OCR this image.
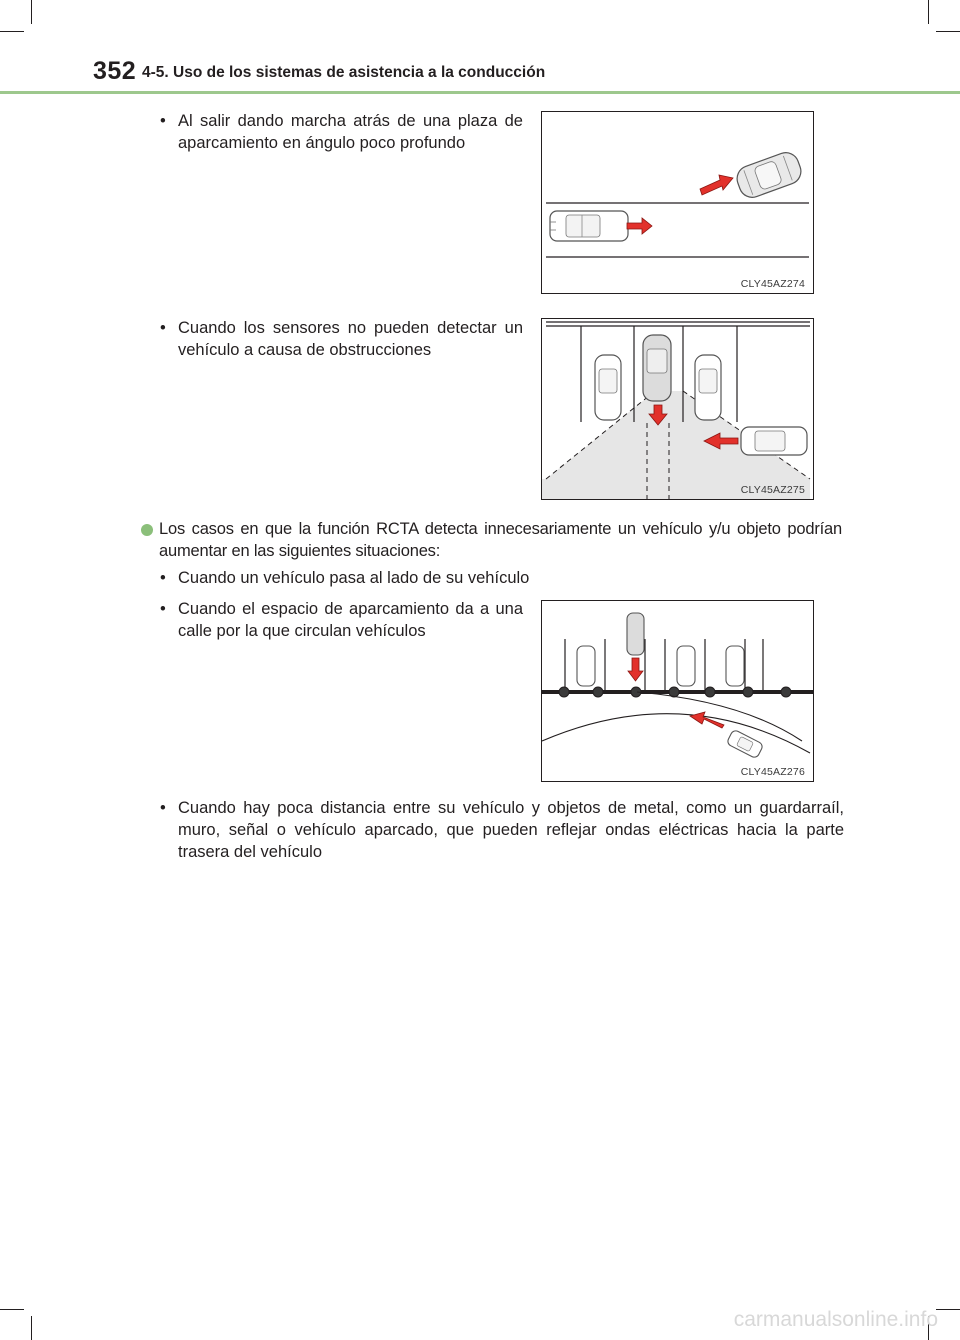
352 4-5. Uso de los sistemas de asistencia a la conducción
• Al salir dando marcha atrás de una plaza de aparcamiento en ángulo poco profundo
CLY45AZ274
• Cuando los sensores no pueden detectar un vehículo a causa de obstrucciones
CLY45AZ275
Los casos en que la función RCTA detecta innecesariamente un vehículo y/u objeto podrían aumentar en las siguientes situaciones:
• Cuando un vehículo pasa al lado de su vehículo
• Cuando el espacio de aparcamiento da a una calle por la que circulan vehículos
CLY45AZ276
• Cuando hay poca distancia entre su vehículo y objetos de metal, como un guardarraíl, muro, señal o vehículo aparcado, que pueden reflejar ondas eléctricas hacia la parte trasera del vehículo
carmanualsonline.info
